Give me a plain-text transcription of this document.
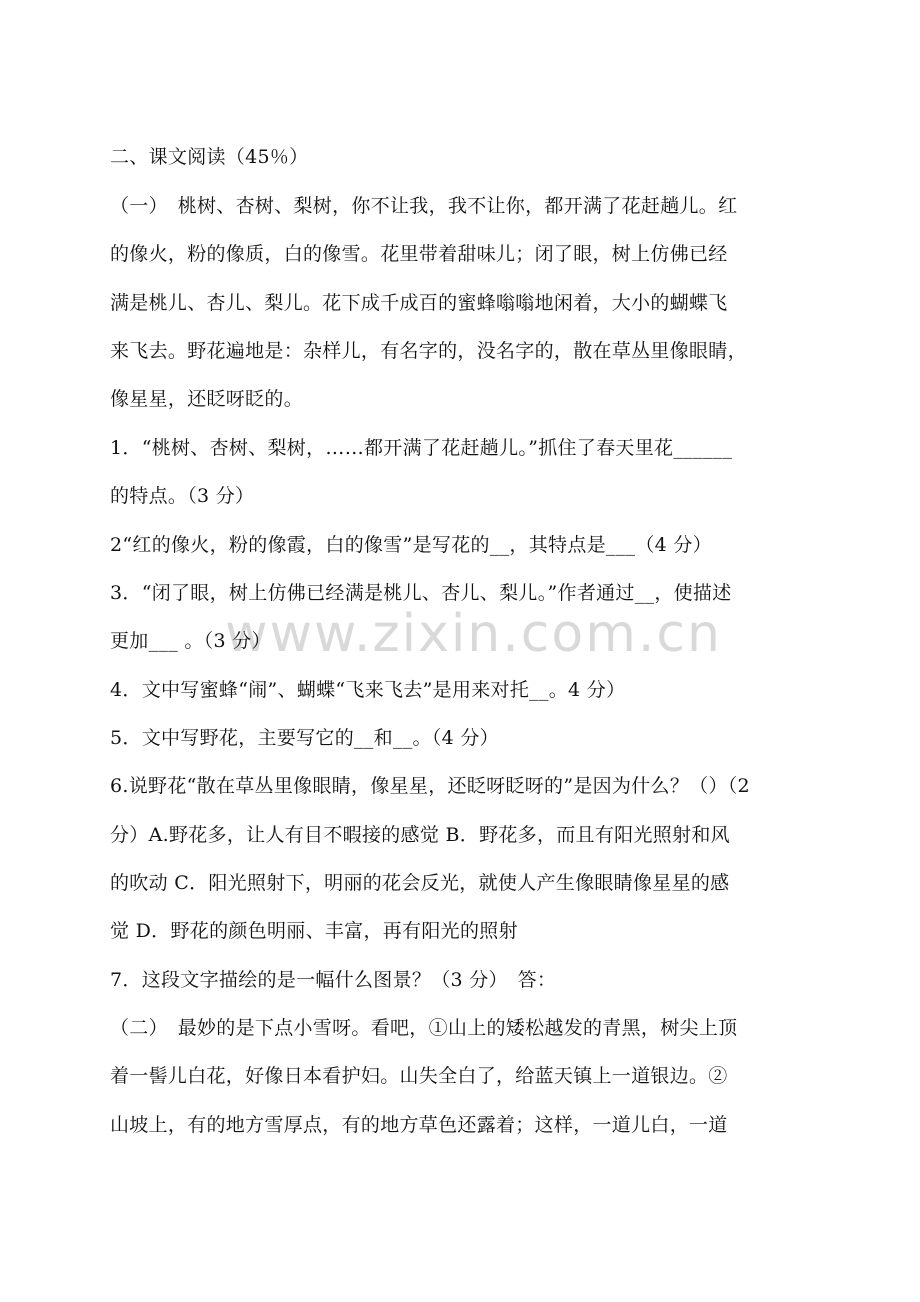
www.zixin.com.cn
二、课文阅读（45％）
（一）　桃树、杏树、梨树，你不让我，我不让你，都开满了花赶趟儿。红
的像火，粉的像质，白的像雪。花里带着甜味儿；闭了眼，树上仿佛已经
满是桃儿、杏儿、梨儿。花下成千成百的蜜蜂嗡嗡地闲着，大小的蝴蝶飞
来飞去。野花遍地是：杂样儿，有名字的，没名字的，散在草丛里像眼睛，
像星星，还眨呀眨的。
1．“桃树、杏树、梨树，……都开满了花赶趟儿。”抓住了春天里花______
的特点。（3 分）
2“红的像火，粉的像霞，白的像雪”是写花的__，其特点是___（4 分）
3．“闭了眼，树上仿佛已经满是桃儿、杏儿、梨儿。”作者通过__，使描述
更加___ 。（3 分）
4．文中写蜜蜂“闹”、蝴蝶“飞来飞去”是用来对托__。4 分）
5．文中写野花，主要写它的__和__。（4 分）
6.说野花“散在草丛里像眼睛，像星星，还眨呀眨呀的”是因为什么？（）（2
分）A.野花多，让人有目不暇接的感觉 B．野花多，而且有阳光照射和风
的吹动 C．阳光照射下，明丽的花会反光，就使人产生像眼睛像星星的感
觉 D．野花的颜色明丽、丰富，再有阳光的照射
7．这段文字描绘的是一幅什么图景？（3 分）　答：
（二）　最妙的是下点小雪呀。看吧，①山上的矮松越发的青黑，树尖上顶
着一髻儿白花，好像日本看护妇。山失全白了，给蓝天镇上一道银边。②
山坡上，有的地方雪厚点，有的地方草色还露着；这样，一道儿白，一道
